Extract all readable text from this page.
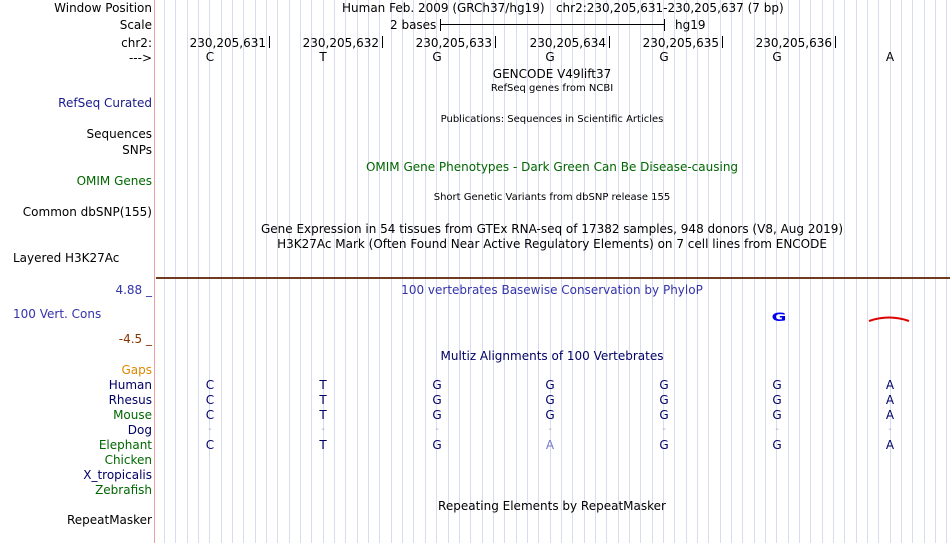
Window Position	Human Feb. 2009 (GRCh37/hg19)   chr2:230,205,631-230,205,637 (7 bp)
Scale	2 bases	hg19
chr2:	230,205,631	230,205,632	230,205,633	230,205,634	230,205,635	230,205,636
--->	C	T	G	G	G	G	A
GENCODE V49lift37
RefSeq genes from NCBI
RefSeq Curated
Publications: Sequences in Scientific Articles
Sequences
SNPs
OMIM Gene Phenotypes - Dark Green Can Be Disease-causing
OMIM Genes
Short Genetic Variants from dbSNP release 155
Common dbSNP(155)
Gene Expression in 54 tissues from GTEx RNA-seq of 17382 samples, 948 donors (V8, Aug 2019)
H3K27Ac Mark (Often Found Near Active Regulatory Elements) on 7 cell lines from ENCODE
Layered H3K27Ac
4.88 _	100 vertebrates Basewise Conservation by PhyloP
100 Vert. Cons
-4.5 _
G
Multiz Alignments of 100 Vertebrates
Gaps
Human	C	T	G	G	G	G	A
Rhesus	C	T	G	G	G	G	A
Mouse	C	T	G	G	G	G	A
Dog	-	-	-	-	-	-	-
Elephant	C	T	G	A	G	G	A
Chicken
X_tropicalis
Zebrafish
Repeating Elements by RepeatMasker
RepeatMasker
